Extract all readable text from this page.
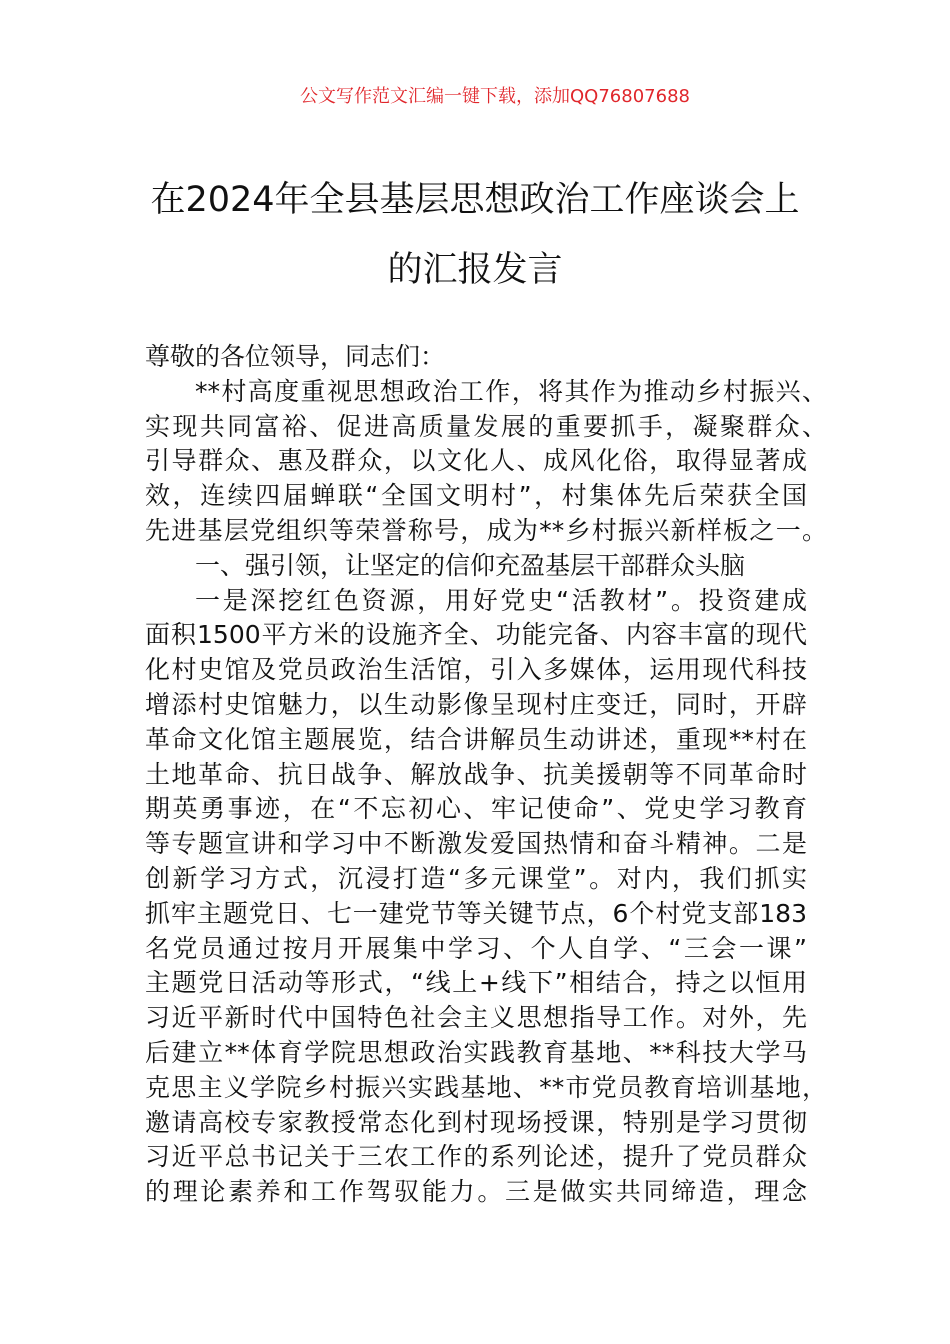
公文写作范文汇编一键下载，添加QQ76807688
在2024年全县基层思想政治工作座谈会上
的汇报发言
尊敬的各位领导，同志们：
**村高度重视思想政治工作，将其作为推动乡村振兴、
实现共同富裕、促进高质量发展的重要抓手，凝聚群众、
引导群众、惠及群众，以文化人、成风化俗，取得显著成
效，连续四届蝉联“全国文明村”，村集体先后荣获全国
先进基层党组织等荣誉称号，成为**乡村振兴新样板之一。
一、强引领，让坚定的信仰充盈基层干部群众头脑
一是深挖红色资源，用好党史“活教材”。投资建成
面积1500平方米的设施齐全、功能完备、内容丰富的现代
化村史馆及党员政治生活馆，引入多媒体，运用现代科技
增添村史馆魅力，以生动影像呈现村庄变迁，同时，开辟
革命文化馆主题展览，结合讲解员生动讲述，重现**村在
土地革命、抗日战争、解放战争、抗美援朝等不同革命时
期英勇事迹，在“不忘初心、牢记使命”、党史学习教育
等专题宣讲和学习中不断激发爱国热情和奋斗精神。二是
创新学习方式，沉浸打造“多元课堂”。对内，我们抓实
抓牢主题党日、七一建党节等关键节点，6个村党支部183
名党员通过按月开展集中学习、个人自学、“三会一课”
主题党日活动等形式，“线上+线下”相结合，持之以恒用
习近平新时代中国特色社会主义思想指导工作。对外，先
后建立**体育学院思想政治实践教育基地、**科技大学马
克思主义学院乡村振兴实践基地、**市党员教育培训基地，
邀请高校专家教授常态化到村现场授课，特别是学习贯彻
习近平总书记关于三农工作的系列论述，提升了党员群众
的理论素养和工作驾驭能力。三是做实共同缔造，理念
